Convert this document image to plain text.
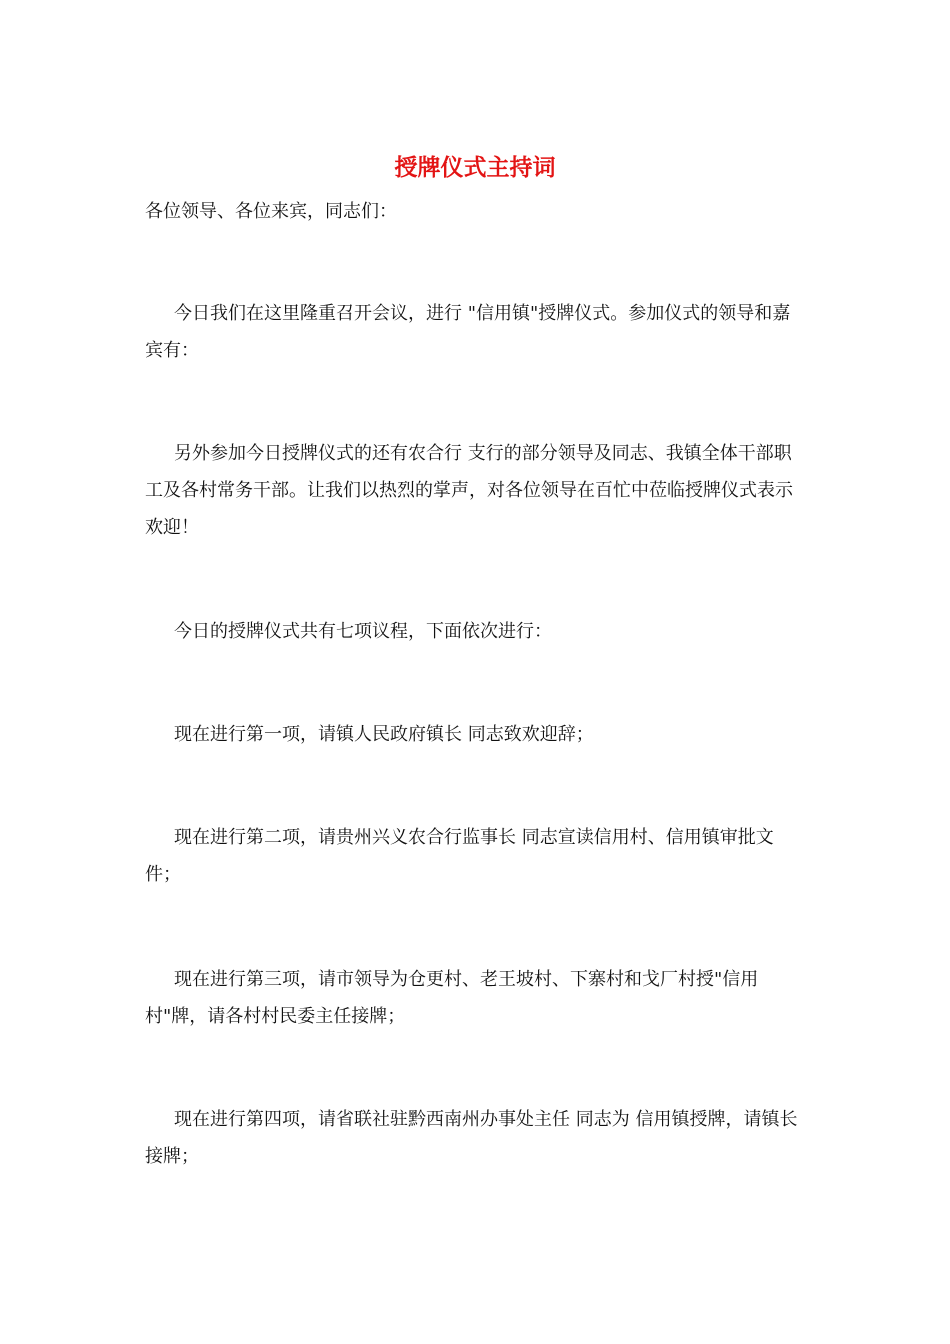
授牌仪式主持词

各位领导、各位来宾，同志们：

今日我们在这里隆重召开会议，进行 "信用镇"授牌仪式。参加仪式的领导和嘉宾有：

另外参加今日授牌仪式的还有农合行 支行的部分领导及同志、我镇全体干部职工及各村常务干部。让我们以热烈的掌声，对各位领导在百忙中莅临授牌仪式表示欢迎！

今日的授牌仪式共有七项议程，下面依次进行：

现在进行第一项，请镇人民政府镇长 同志致欢迎辞；

现在进行第二项，请贵州兴义农合行监事长 同志宣读信用村、信用镇审批文件；

现在进行第三项，请市领导为仓更村、老王坡村、下寨村和戈厂村授"信用村"牌，请各村村民委主任接牌；

现在进行第四项，请省联社驻黔西南州办事处主任 同志为 信用镇授牌，请镇长 接牌；
